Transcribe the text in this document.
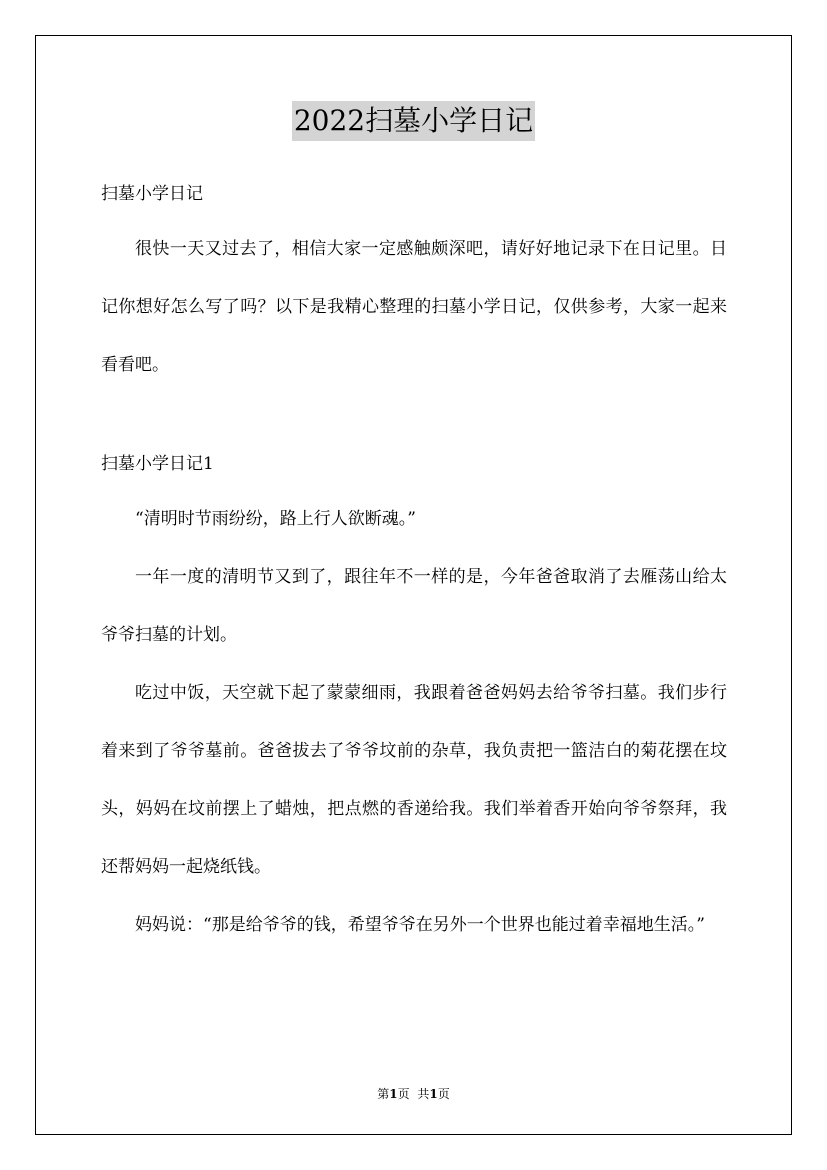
2022扫墓小学日记

扫墓小学日记

很快一天又过去了，相信大家一定感触颇深吧，请好好地记录下在日记里。日记你想好怎么写了吗？以下是我精心整理的扫墓小学日记，仅供参考，大家一起来看看吧。

扫墓小学日记1

“清明时节雨纷纷，路上行人欲断魂。”

一年一度的清明节又到了，跟往年不一样的是，今年爸爸取消了去雁荡山给太爷爷扫墓的计划。

吃过中饭，天空就下起了蒙蒙细雨，我跟着爸爸妈妈去给爷爷扫墓。我们步行着来到了爷爷墓前。爸爸拔去了爷爷坟前的杂草，我负责把一篮洁白的菊花摆在坟头，妈妈在坟前摆上了蜡烛，把点燃的香递给我。我们举着香开始向爷爷祭拜，我还帮妈妈一起烧纸钱。

妈妈说：“那是给爷爷的钱，希望爷爷在另外一个世界也能过着幸福地生活。”

第1页 共1页
